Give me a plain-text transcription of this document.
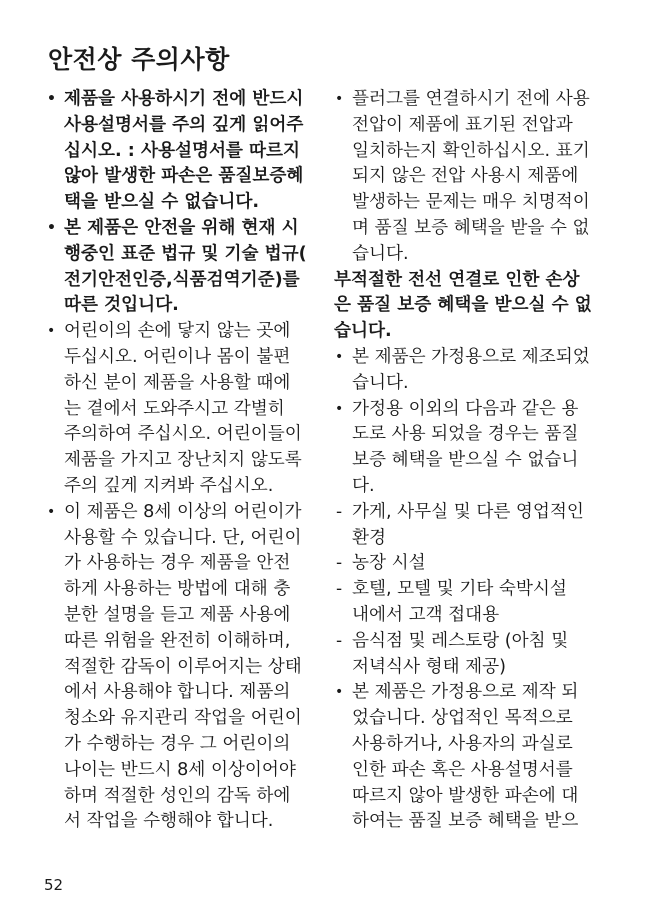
안전상 주의사항
• 제품을 사용하시기 전에 반드시
사용설명서를 주의 깊게 읽어주
십시오. : 사용설명서를 따르지
않아 발생한 파손은 품질보증혜
택을 받으실 수 없습니다.
• 본 제품은 안전을 위해 현재 시
행중인 표준 법규 및 기술 법규(
전기안전인증,식품검역기준)를
따른 것입니다.
• 어린이의 손에 닿지 않는 곳에
두십시오. 어린이나 몸이 불편
하신 분이 제품을 사용할 때에
는 곁에서 도와주시고 각별히
주의하여 주십시오. 어린이들이
제품을 가지고 장난치지 않도록
주의 깊게 지켜봐 주십시오.
• 이 제품은 8세 이상의 어린이가
사용할 수 있습니다. 단, 어린이
가 사용하는 경우 제품을 안전
하게 사용하는 방법에 대해 충
분한 설명을 듣고 제품 사용에
따른 위험을 완전히 이해하며,
적절한 감독이 이루어지는 상태
에서 사용해야 합니다. 제품의
청소와 유지관리 작업을 어린이
가 수행하는 경우 그 어린이의
나이는 반드시 8세 이상이어야
하며 적절한 성인의 감독 하에
서 작업을 수행해야 합니다.
• 플러그를 연결하시기 전에 사용
전압이 제품에 표기된 전압과
일치하는지 확인하십시오. 표기
되지 않은 전압 사용시 제품에
발생하는 문제는 매우 치명적이
며 품질 보증 혜택을 받을 수 없
습니다.
부적절한 전선 연결로 인한 손상
은 품질 보증 혜택을 받으실 수 없
습니다.
• 본 제품은 가정용으로 제조되었
습니다.
• 가정용 이외의 다음과 같은 용
도로 사용 되었을 경우는 품질
보증 혜택을 받으실 수 없습니
다.
- 가게, 사무실 및 다른 영업적인
환경
- 농장 시설
- 호텔, 모텔 및 기타 숙박시설
내에서 고객 접대용
- 음식점 및 레스토랑 (아침 및
저녁식사 형태 제공)
• 본 제품은 가정용으로 제작 되
었습니다. 상업적인 목적으로
사용하거나, 사용자의 과실로
인한 파손 혹은 사용설명서를
따르지 않아 발생한 파손에 대
하여는 품질 보증 혜택을 받으
52
